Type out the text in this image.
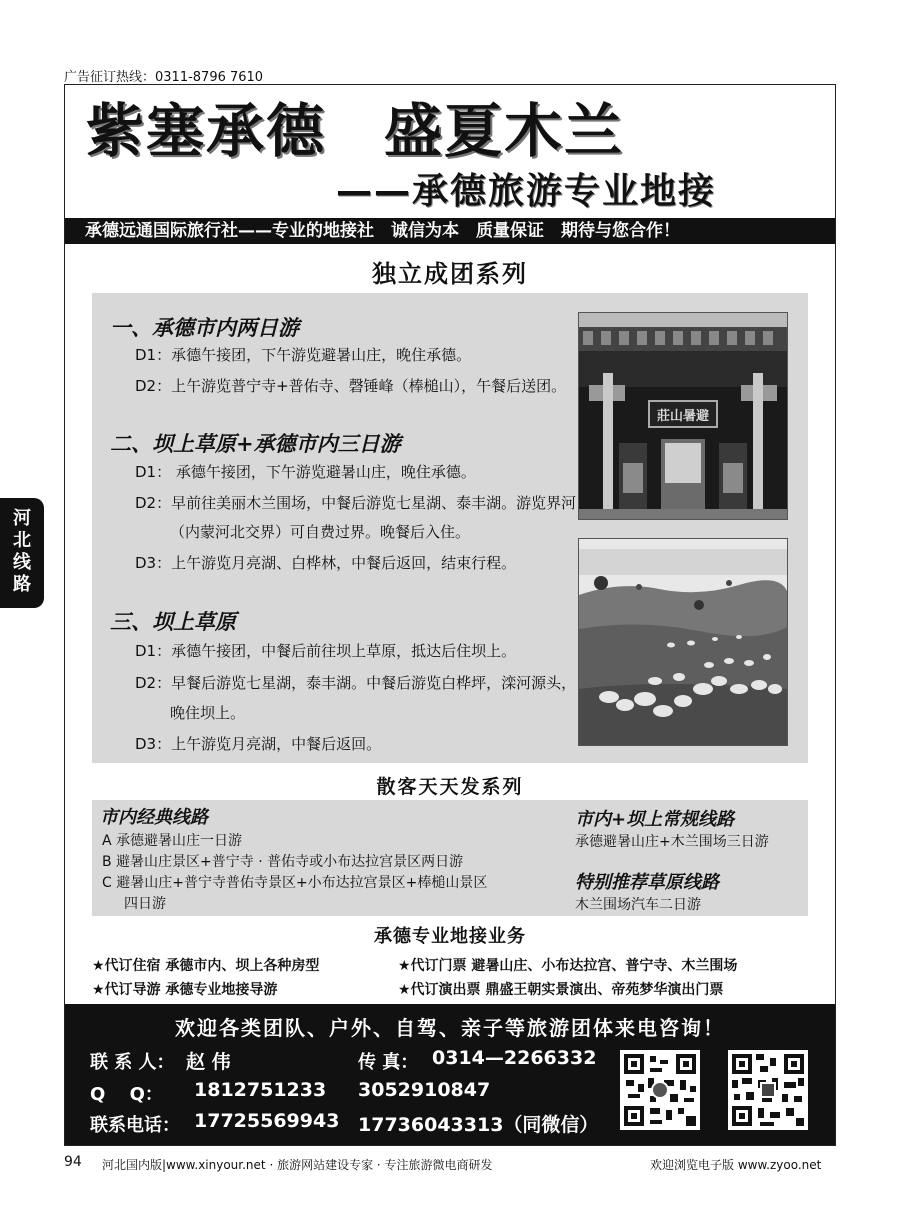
广告征订热线：0311-8796 7610
紫塞承德 盛夏木兰
——承德旅游专业地接
承德远通国际旅行社——专业的地接社　诚信为本　质量保证　期待与您合作！
独立成团系列
一、承德市内两日游
D1：承德午接团，下午游览避暑山庄，晚住承德。
D2：上午游览普宁寺+普佑寺、磬锤峰（棒槌山），午餐后送团。
二、坝上草原+承德市内三日游
D1： 承德午接团，下午游览避暑山庄，晚住承德。
D2：早前往美丽木兰围场，中餐后游览七星湖、泰丰湖。游览界河
（内蒙河北交界）可自费过界。晚餐后入住。
D3：上午游览月亮湖、白桦林，中餐后返回，结束行程。
三、坝上草原
D1：承德午接团，中餐后前往坝上草原，抵达后住坝上。
D2：早餐后游览七星湖，泰丰湖。中餐后游览白桦坪，滦河源头，
晚住坝上。
D3：上午游览月亮湖，中餐后返回。
莊山暑避
散客天天发系列
市内经典线路
A 承德避暑山庄一日游
B 避暑山庄景区+普宁寺 · 普佑寺或小布达拉宫景区两日游
C 避暑山庄+普宁寺普佑寺景区+小布达拉宫景区+棒槌山景区
四日游
市内+坝上常规线路
承德避暑山庄+木兰围场三日游
特别推荐草原线路
木兰围场汽车二日游
承德专业地接业务
★代订住宿 承德市内、坝上各种房型	★代订门票 避暑山庄、小布达拉宫、普宁寺、木兰围场
★代订导游 承德专业地接导游	★代订演出票 鼎盛王朝实景演出、帝苑梦华演出门票
欢迎各类团队、户外、自驾、亲子等旅游团体来电咨询！
联 系 人： 赵 伟	传 真： 0314—2266332
Q　 Q： 1812751233 3052910847
联系电话： 17725569943 17736043313（同微信）
河
北
线
路
94 河北国内版|www.xinyour.net · 旅游网站建设专家 · 专注旅游微电商研发	欢迎浏览电子版 www.zyoo.net
